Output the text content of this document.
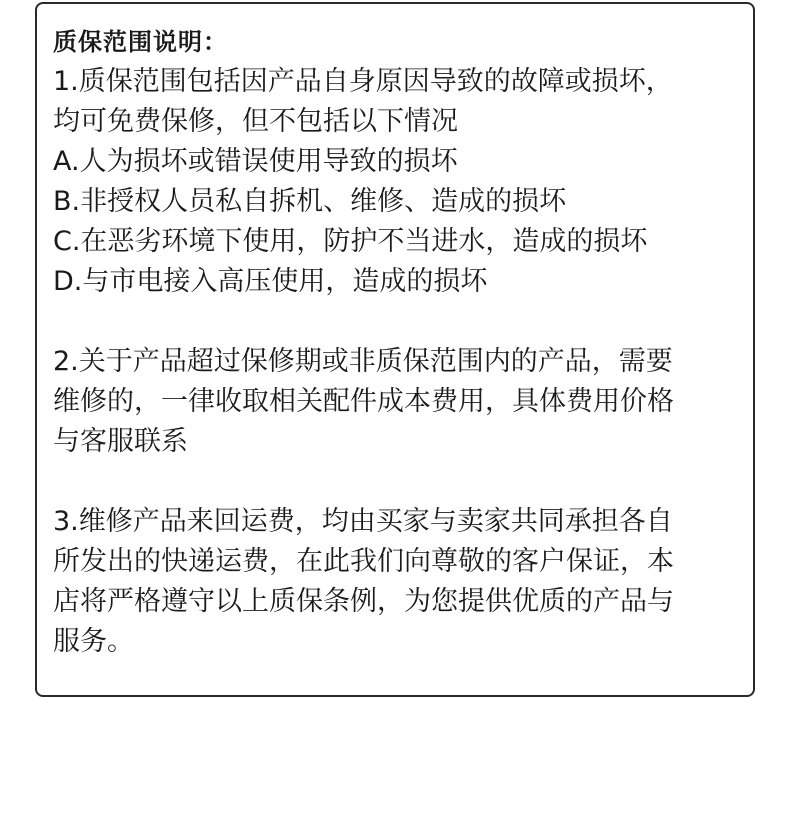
质保范围说明：
1.质保范围包括因产品自身原因导致的故障或损坏，
均可免费保修，但不包括以下情况
A.人为损坏或错误使用导致的损坏
B.非授权人员私自拆机、维修、造成的损坏
C.在恶劣环境下使用，防护不当进水，造成的损坏
D.与市电接入高压使用，造成的损坏
2.关于产品超过保修期或非质保范围内的产品，需要
维修的，一律收取相关配件成本费用，具体费用价格
与客服联系
3.维修产品来回运费，均由买家与卖家共同承担各自
所发出的快递运费，在此我们向尊敬的客户保证，本
店将严格遵守以上质保条例，为您提供优质的产品与
服务。
